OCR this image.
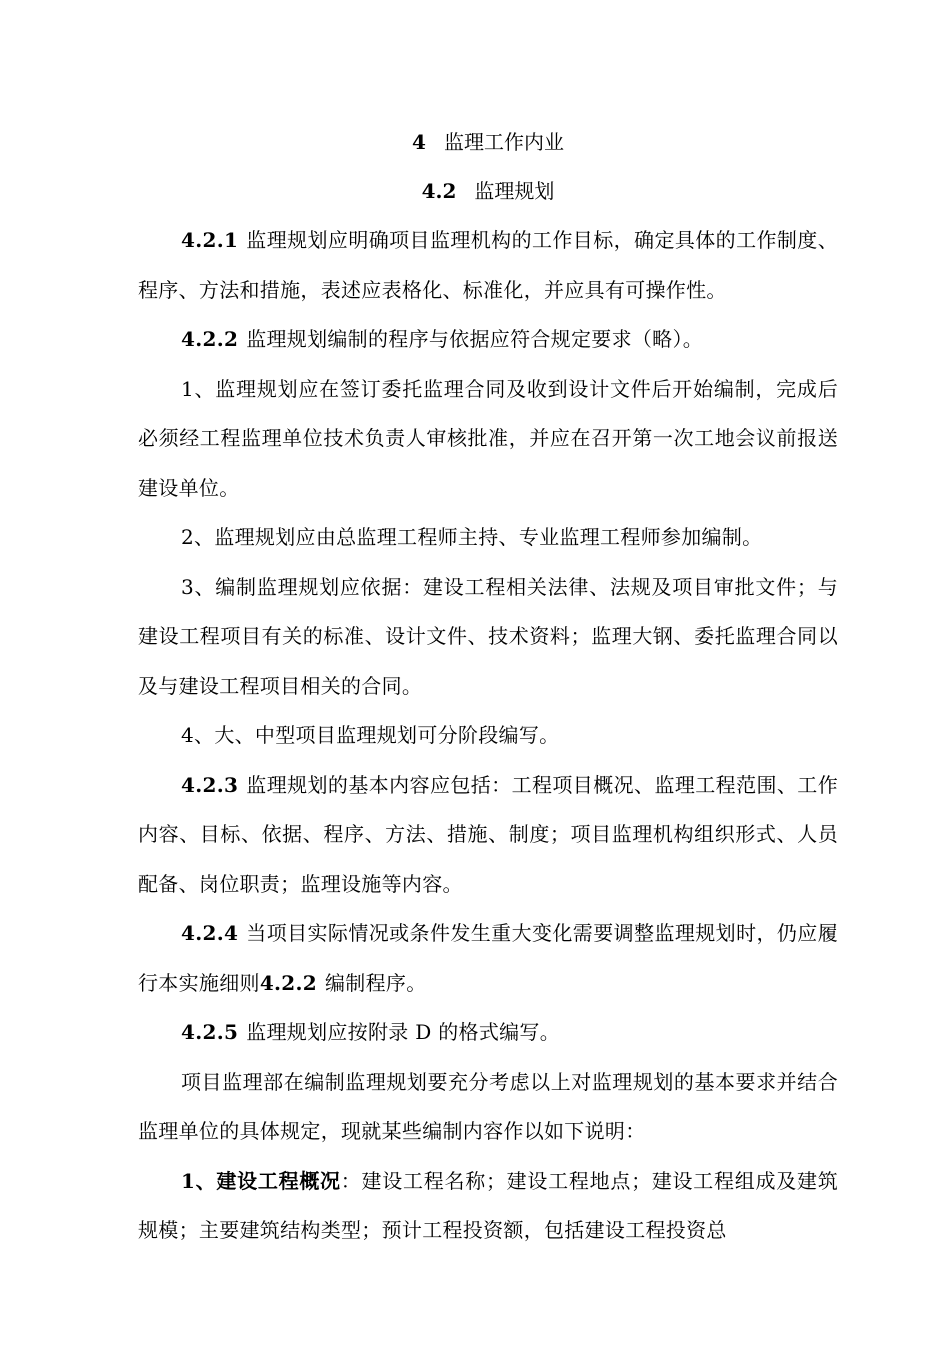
4 监理工作内业

4.2 监理规划

4.2.1 监理规划应明确项目监理机构的工作目标，确定具体的工作制度、程序、方法和措施，表述应表格化、标准化，并应具有可操作性。

4.2.2 监理规划编制的程序与依据应符合规定要求（略）。

1、监理规划应在签订委托监理合同及收到设计文件后开始编制，完成后必须经工程监理单位技术负责人审核批准，并应在召开第一次工地会议前报送建设单位。

2、监理规划应由总监理工程师主持、专业监理工程师参加编制。

3、编制监理规划应依据：建设工程相关法律、法规及项目审批文件；与建设工程项目有关的标准、设计文件、技术资料；监理大钢、委托监理合同以及与建设工程项目相关的合同。

4、大、中型项目监理规划可分阶段编写。

4.2.3 监理规划的基本内容应包括：工程项目概况、监理工程范围、工作内容、目标、依据、程序、方法、措施、制度；项目监理机构组织形式、人员配备、岗位职责；监理设施等内容。

4.2.4 当项目实际情况或条件发生重大变化需要调整监理规划时，仍应履行本实施细则4.2.2 编制程序。

4.2.5 监理规划应按附录 D 的格式编写。

项目监理部在编制监理规划要充分考虑以上对监理规划的基本要求并结合监理单位的具体规定，现就某些编制内容作以如下说明：

1、建设工程概况：建设工程名称；建设工程地点；建设工程组成及建筑规模；主要建筑结构类型；预计工程投资额，包括建设工程投资总
